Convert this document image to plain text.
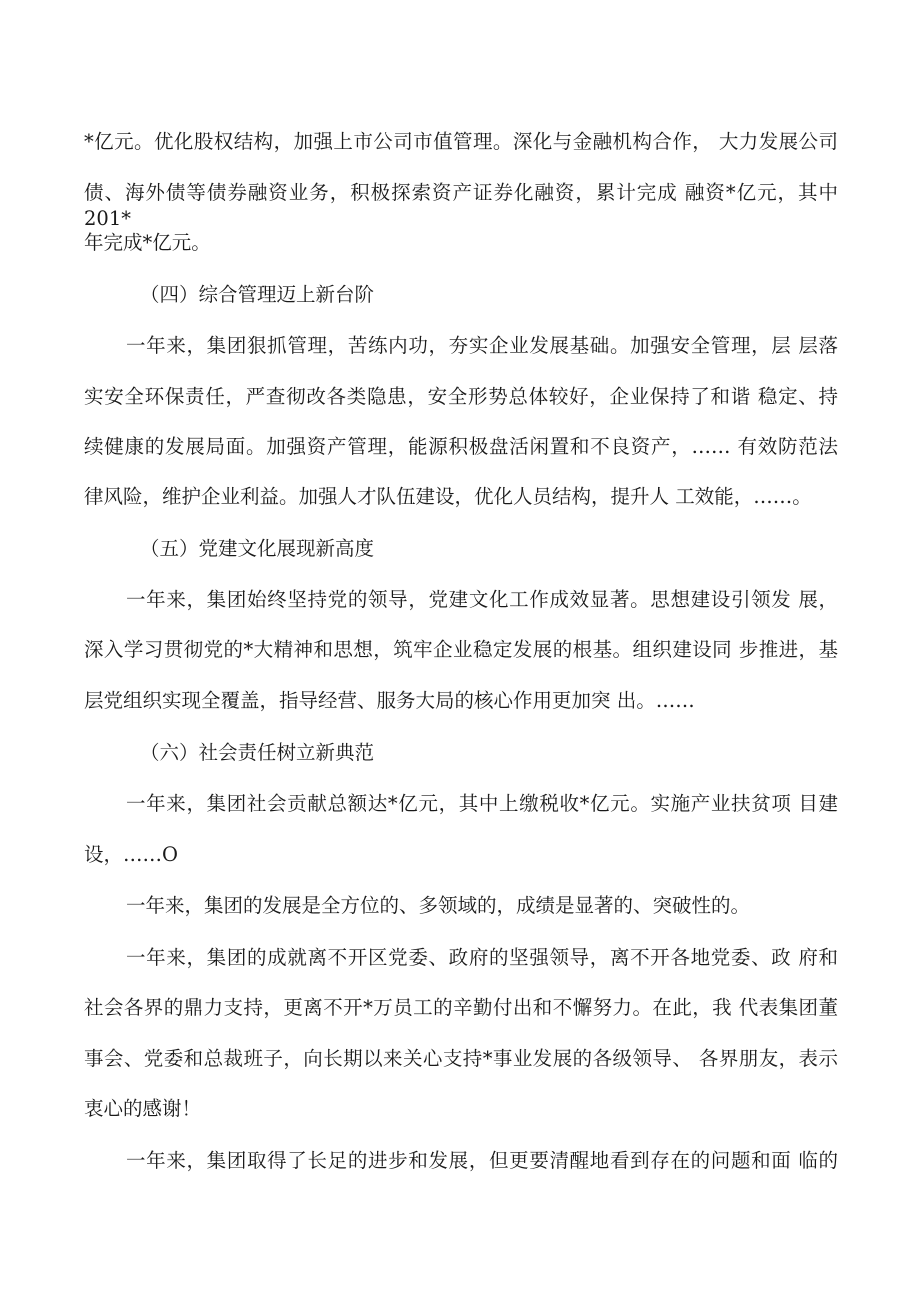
*亿元。优化股权结构，加强上市公司市值管理。深化与金融机构合作， 大力发展公司
债、海外债等债券融资业务，积极探索资产证券化融资，累计完成 融资*亿元，其中201*
年完成*亿元。
（四）综合管理迈上新台阶
一年来，集团狠抓管理，苦练内功，夯实企业发展基础。加强安全管理，层 层落
实安全环保责任，严查彻改各类隐患，安全形势总体较好，企业保持了和谐 稳定、持
续健康的发展局面。加强资产管理，能源积极盘活闲置和不良资产，…… 有效防范法
律风险，维护企业利益。加强人才队伍建设，优化人员结构，提升人 工效能，……。
（五）党建文化展现新高度
一年来，集团始终坚持党的领导，党建文化工作成效显著。思想建设引领发 展，
深入学习贯彻党的*大精神和思想，筑牢企业稳定发展的根基。组织建设同 步推进，基
层党组织实现全覆盖，指导经营、服务大局的核心作用更加突 出。……
（六）社会责任树立新典范
一年来，集团社会贡献总额达*亿元，其中上缴税收*亿元。实施产业扶贫项 目建
设，……O
一年来，集团的发展是全方位的、多领域的，成绩是显著的、突破性的。
一年来，集团的成就离不开区党委、政府的坚强领导，离不开各地党委、政 府和
社会各界的鼎力支持，更离不开*万员工的辛勤付出和不懈努力。在此，我 代表集团董
事会、党委和总裁班子，向长期以来关心支持*事业发展的各级领导、 各界朋友，表示
衷心的感谢！
一年来，集团取得了长足的进步和发展，但更要清醒地看到存在的问题和面 临的
